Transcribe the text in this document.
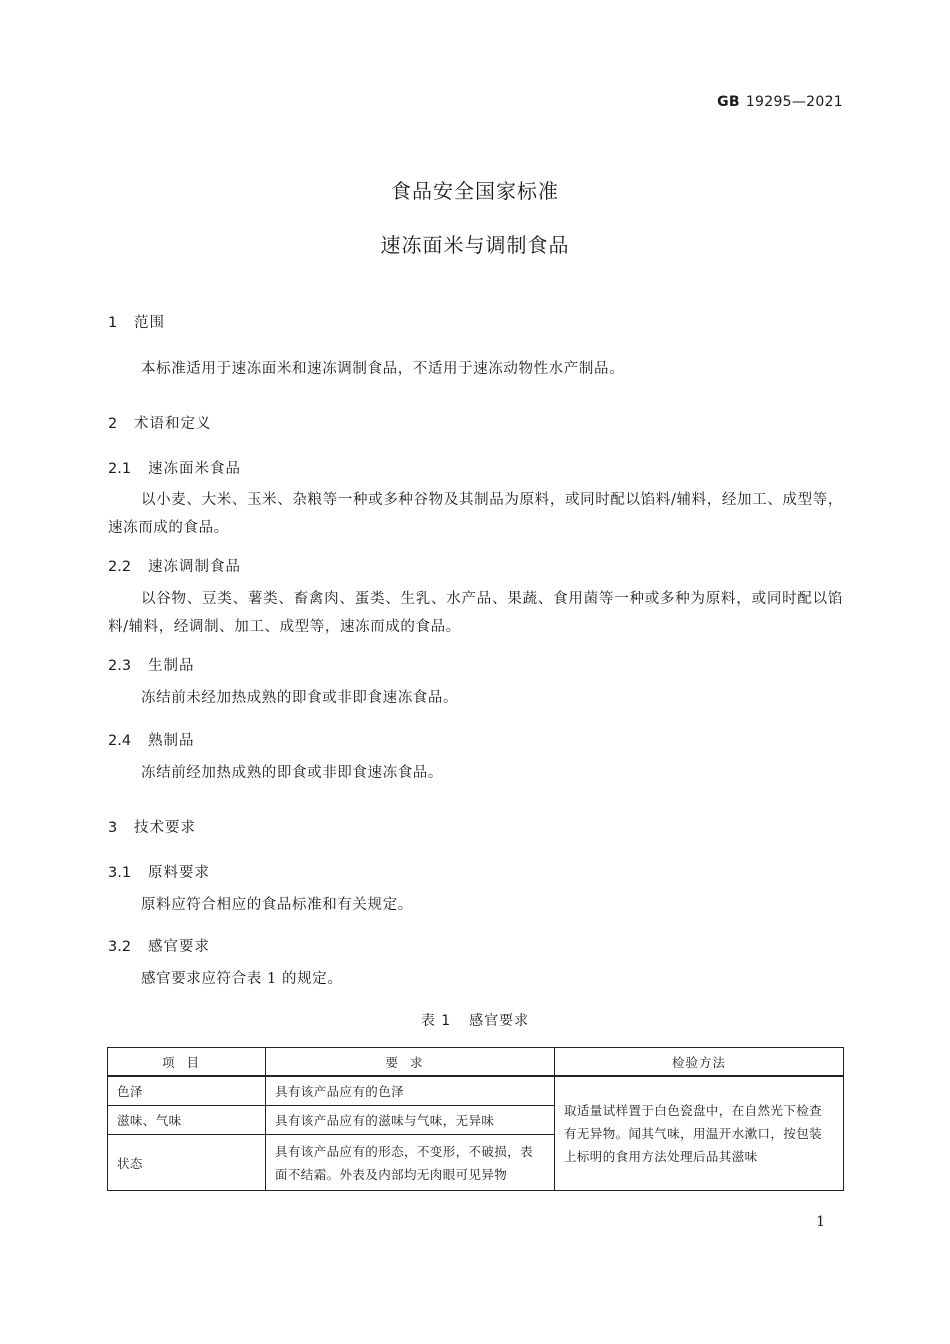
GB 19295—2021
食品安全国家标准
速冻面米与调制食品
1 范围
本标准适用于速冻面米和速冻调制食品，不适用于速冻动物性水产制品。
2 术语和定义
2.1 速冻面米食品
以小麦、大米、玉米、杂粮等一种或多种谷物及其制品为原料，或同时配以馅料/辅料，经加工、成型等，速冻而成的食品。
2.2 速冻调制食品
以谷物、豆类、薯类、畜禽肉、蛋类、生乳、水产品、果蔬、食用菌等一种或多种为原料，或同时配以馅料/辅料，经调制、加工、成型等，速冻而成的食品。
2.3 生制品
冻结前未经加热成熟的即食或非即食速冻食品。
2.4 熟制品
冻结前经加热成熟的即食或非即食速冻食品。
3 技术要求
3.1 原料要求
原料应符合相应的食品标准和有关规定。
3.2 感官要求
感官要求应符合表 1 的规定。
表 1 感官要求
项目	要求	检验方法
色泽	具有该产品应有的色泽	取适量试样置于白色瓷盘中，在自然光下检查有无异物。闻其气味，用温开水漱口，按包装上标明的食用方法处理后品其滋味
滋味、气味	具有该产品应有的滋味与气味，无异味	
状态	具有该产品应有的形态，不变形，不破损，表面不结霜。外表及内部均无肉眼可见异物	
1
